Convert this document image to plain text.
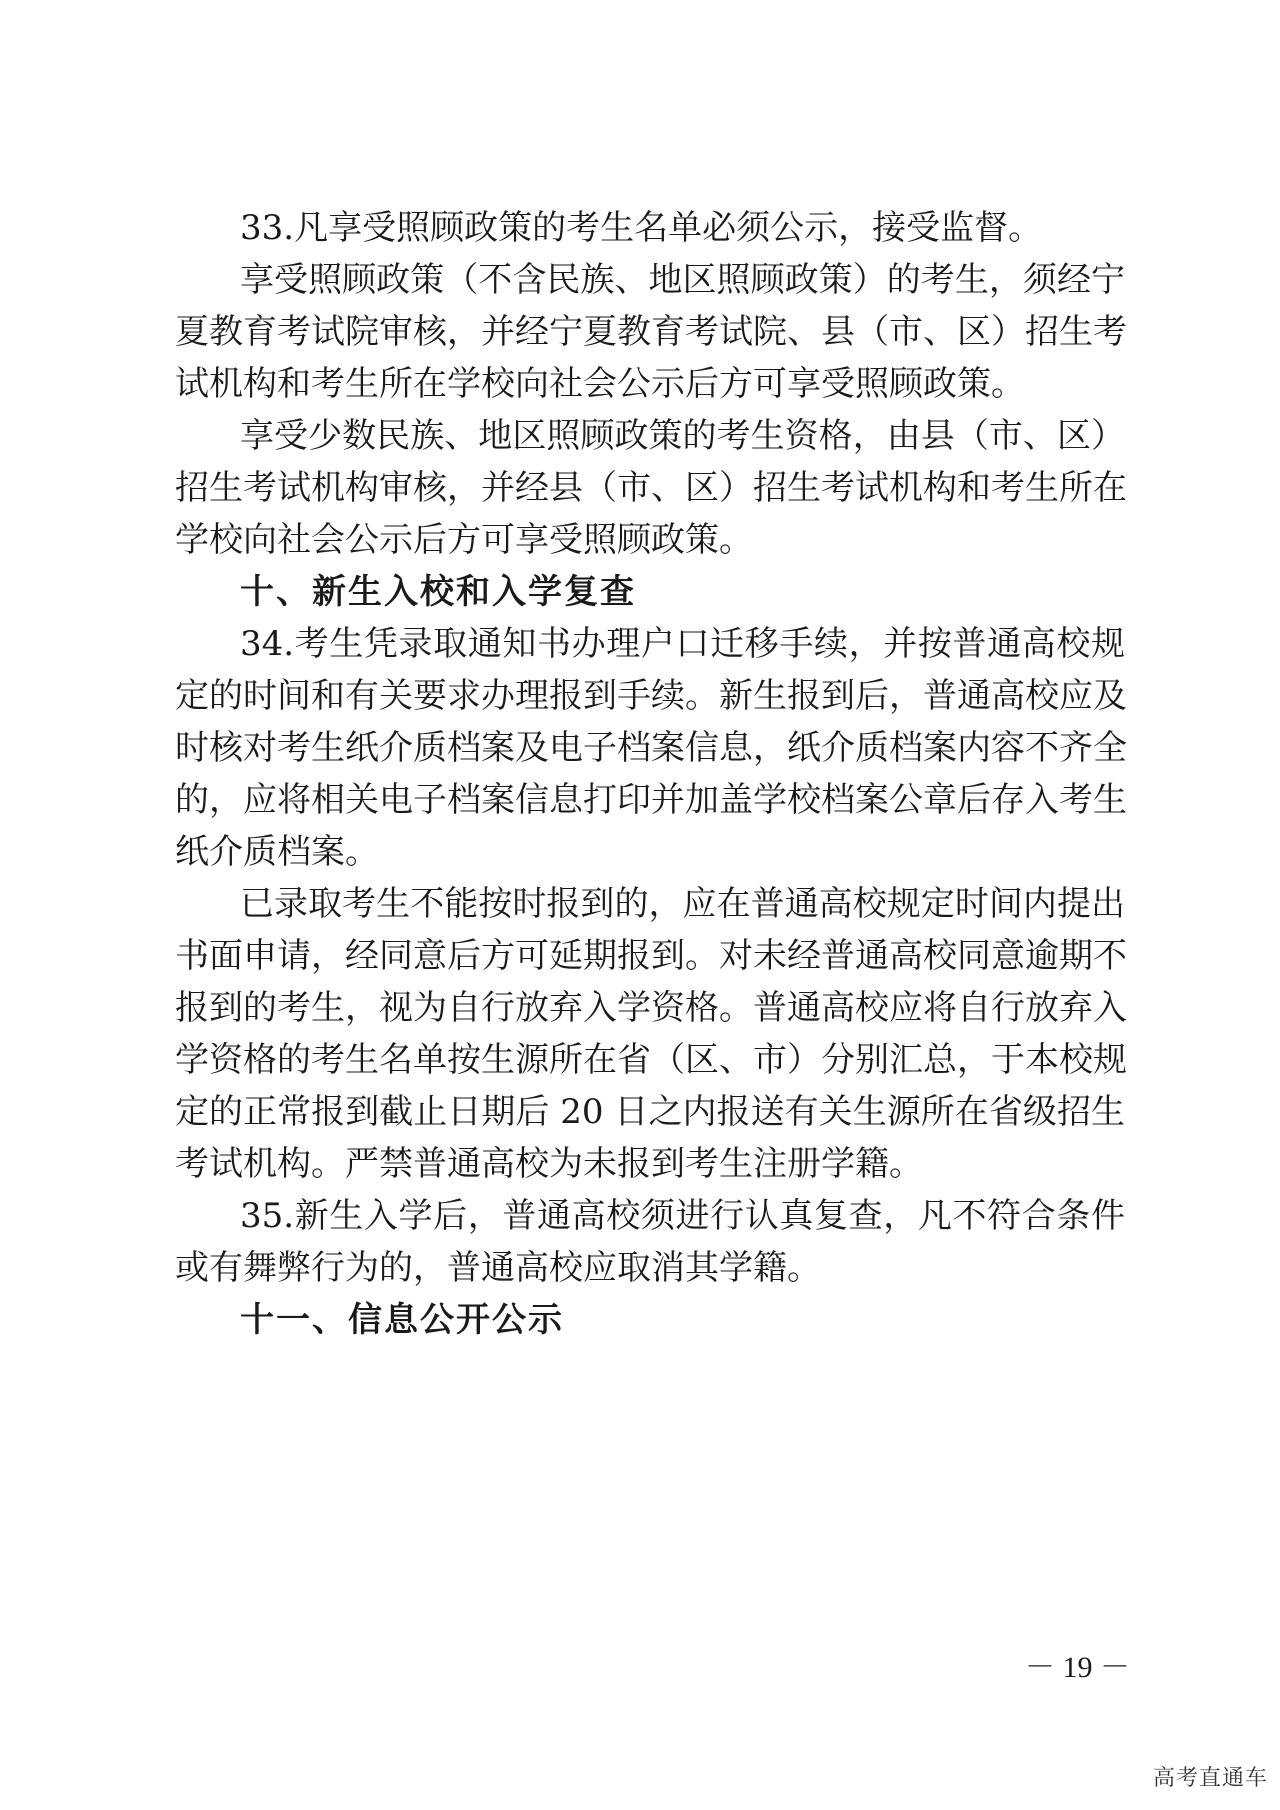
33.凡享受照顾政策的考生名单必须公示，接受监督。
享受照顾政策（不含民族、地区照顾政策）的考生，须经宁
夏教育考试院审核，并经宁夏教育考试院、县（市、区）招生考
试机构和考生所在学校向社会公示后方可享受照顾政策。
享受少数民族、地区照顾政策的考生资格，由县（市、区）
招生考试机构审核，并经县（市、区）招生考试机构和考生所在
学校向社会公示后方可享受照顾政策。
十、新生入校和入学复查
34.考生凭录取通知书办理户口迁移手续，并按普通高校规
定的时间和有关要求办理报到手续。新生报到后，普通高校应及
时核对考生纸介质档案及电子档案信息，纸介质档案内容不齐全
的，应将相关电子档案信息打印并加盖学校档案公章后存入考生
纸介质档案。
已录取考生不能按时报到的，应在普通高校规定时间内提出
书面申请，经同意后方可延期报到。对未经普通高校同意逾期不
报到的考生，视为自行放弃入学资格。普通高校应将自行放弃入
学资格的考生名单按生源所在省（区、市）分别汇总，于本校规
定的正常报到截止日期后 20 日之内报送有关生源所在省级招生
考试机构。严禁普通高校为未报到考生注册学籍。
35.新生入学后，普通高校须进行认真复查，凡不符合条件
或有舞弊行为的，普通高校应取消其学籍。
十一、信息公开公示
－ 19 －
高考直通车
